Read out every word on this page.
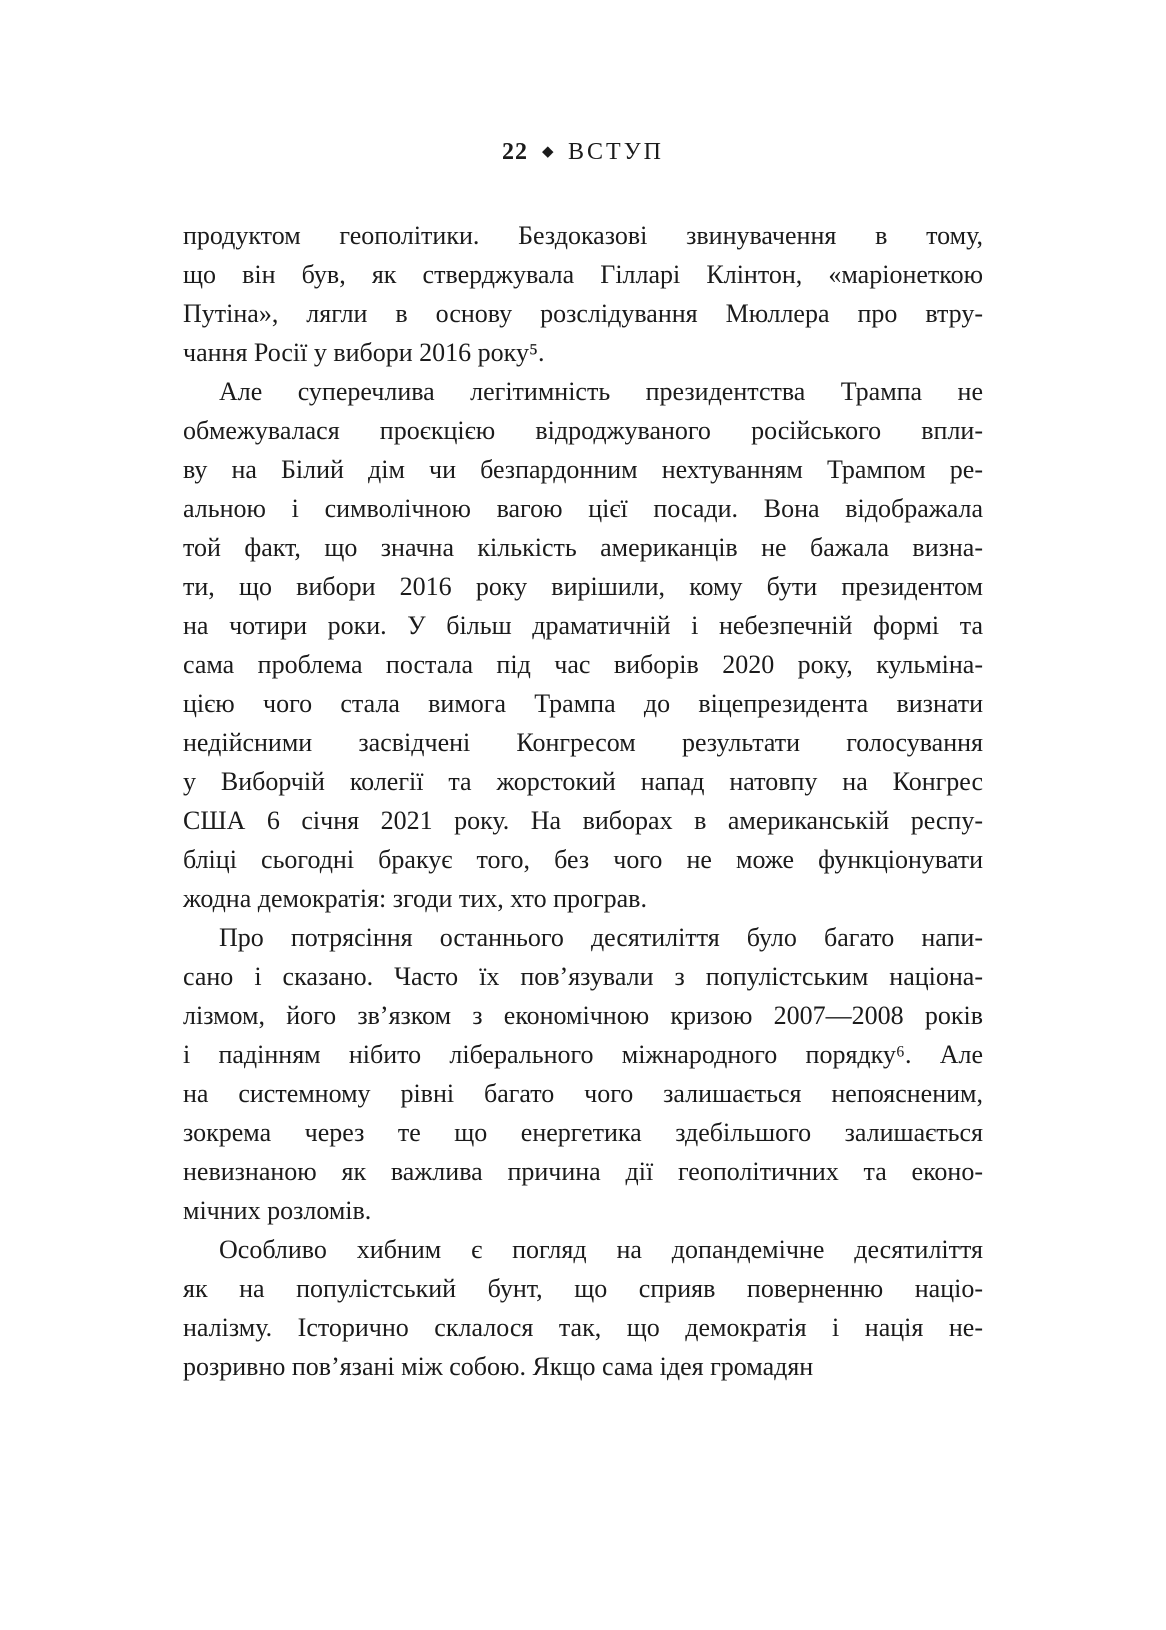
22 ◆ ВСТУП
продуктом геополітики. Бездоказові звинувачення в тому,
що він був, як стверджувала Гілларі Клінтон, «маріонеткою
Путіна», лягли в основу розслідування Мюллера про втру-
чання Росії у вибори 2016 року⁵.
Але суперечлива легітимність президентства Трампа не
обмежувалася проєкцією відроджуваного російського впли-
ву на Білий дім чи безпардонним нехтуванням Трампом ре-
альною і символічною вагою цієї посади. Вона відображала
той факт, що значна кількість американців не бажала визна-
ти, що вибори 2016 року вирішили, кому бути президентом
на чотири роки. У більш драматичній і небезпечній формі та
сама проблема постала під час виборів 2020 року, кульміна-
цією чого стала вимога Трампа до віцепрезидента визнати
недійсними засвідчені Конгресом результати голосування
у Виборчій колегії та жорстокий напад натовпу на Конгрес
США 6 січня 2021 року. На виборах в американській респу-
бліці сьогодні бракує того, без чого не може функціонувати
жодна демократія: згоди тих, хто програв.
Про потрясіння останнього десятиліття було багато напи-
сано і сказано. Часто їх пов’язували з популістським націона-
лізмом, його зв’язком з економічною кризою 2007—2008 років
і падінням нібито ліберального міжнародного порядку⁶. Але
на системному рівні багато чого залишається непоясненим,
зокрема через те що енергетика здебільшого залишається
невизнаною як важлива причина дії геополітичних та еконо-
мічних розломів.
Особливо хибним є погляд на допандемічне десятиліття
як на популістський бунт, що сприяв поверненню націо-
налізму. Історично склалося так, що демократія і нація не-
розривно пов’язані між собою. Якщо сама ідея громадян
